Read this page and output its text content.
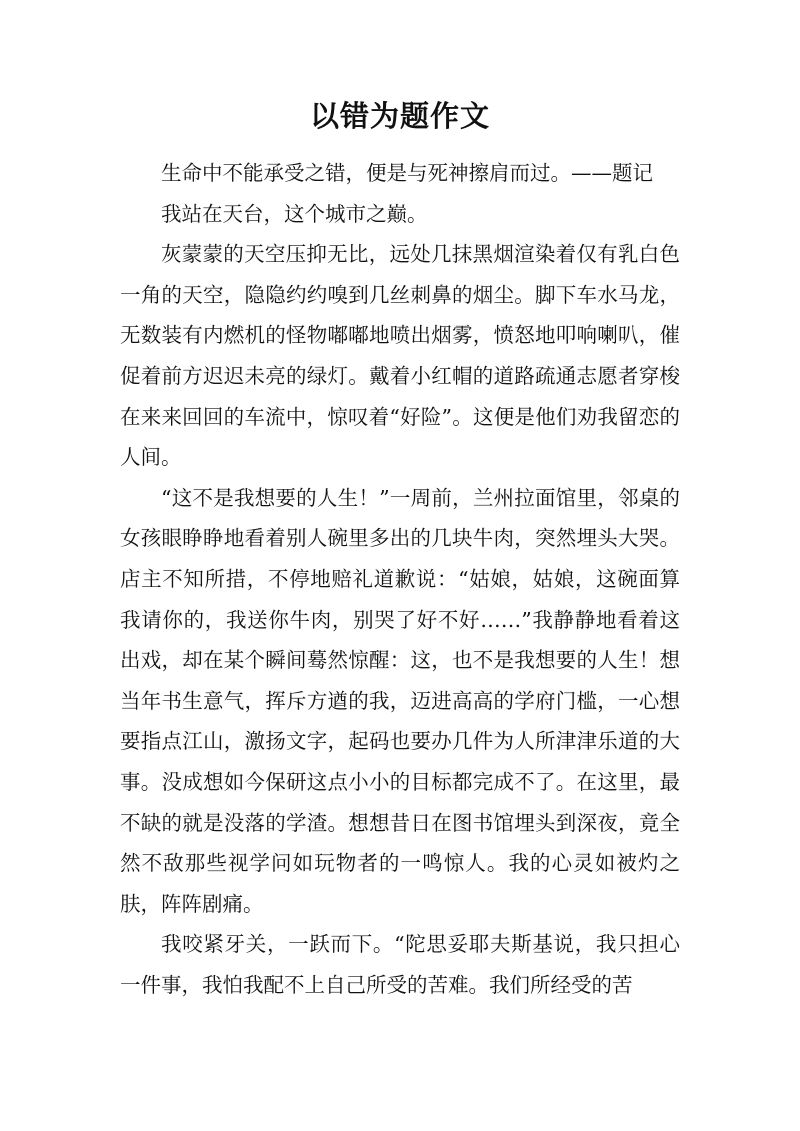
以错为题作文

生命中不能承受之错，便是与死神擦肩而过。——题记

我站在天台，这个城市之巅。

灰蒙蒙的天空压抑无比，远处几抹黑烟渲染着仅有乳白色一角的天空，隐隐约约嗅到几丝刺鼻的烟尘。脚下车水马龙，无数装有内燃机的怪物嘟嘟地喷出烟雾，愤怒地叩响喇叭，催促着前方迟迟未亮的绿灯。戴着小红帽的道路疏通志愿者穿梭在来来回回的车流中，惊叹着“好险”。这便是他们劝我留恋的人间。

“这不是我想要的人生！”一周前，兰州拉面馆里，邻桌的女孩眼睁睁地看着别人碗里多出的几块牛肉，突然埋头大哭。店主不知所措，不停地赔礼道歉说：“姑娘，姑娘，这碗面算我请你的，我送你牛肉，别哭了好不好……”我静静地看着这出戏，却在某个瞬间蓦然惊醒：这，也不是我想要的人生！想当年书生意气，挥斥方遒的我，迈进高高的学府门槛，一心想要指点江山，激扬文字，起码也要办几件为人所津津乐道的大事。没成想如今保研这点小小的目标都完成不了。在这里，最不缺的就是没落的学渣。想想昔日在图书馆埋头到深夜，竟全然不敌那些视学问如玩物者的一鸣惊人。我的心灵如被灼之肤，阵阵剧痛。

我咬紧牙关，一跃而下。“陀思妥耶夫斯基说，我只担心一件事，我怕我配不上自己所受的苦难。我们所经受的苦
